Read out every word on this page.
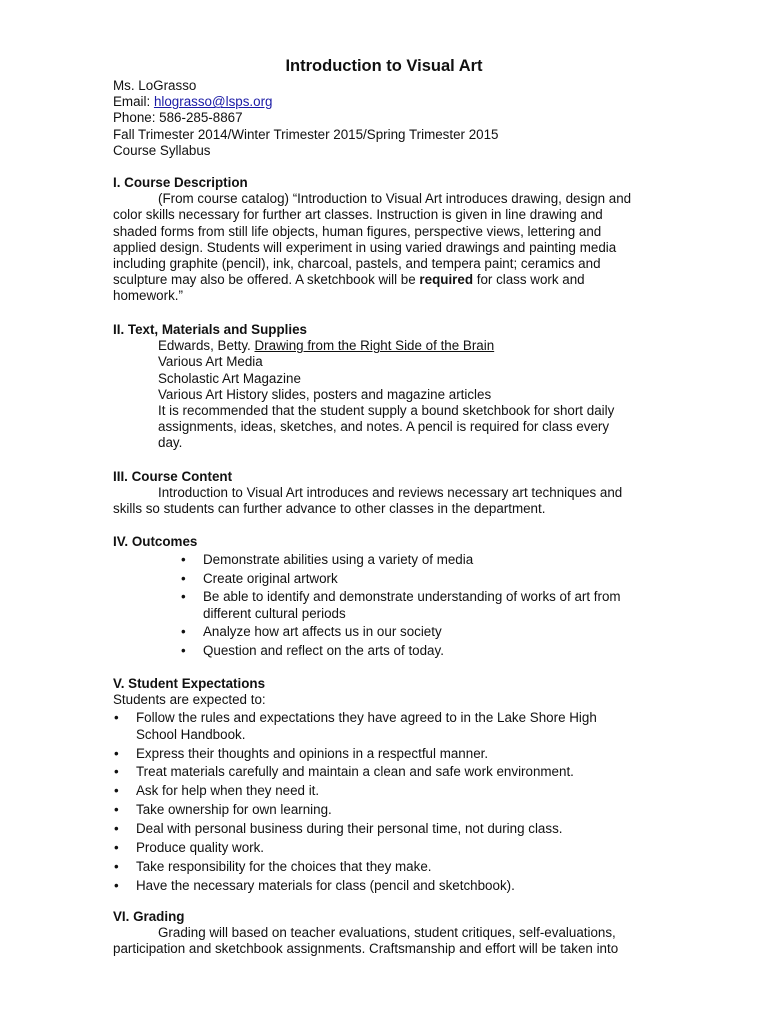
Introduction to Visual Art
Ms. LoGrasso
Email: hlograsso@lsps.org
Phone: 586-285-8867
Fall Trimester 2014/Winter Trimester 2015/Spring Trimester 2015
Course Syllabus
I. Course Description
(From course catalog) “Introduction to Visual Art introduces drawing, design and
color skills necessary for further art classes. Instruction is given in line drawing and
shaded forms from still life objects, human figures, perspective views, lettering and
applied design. Students will experiment in using varied drawings and painting media
including graphite (pencil), ink, charcoal, pastels, and tempera paint; ceramics and
sculpture may also be offered. A sketchbook will be required for class work and
homework.”
II. Text, Materials and Supplies
Edwards, Betty. Drawing from the Right Side of the Brain
Various Art Media
Scholastic Art Magazine
Various Art History slides, posters and magazine articles
It is recommended that the student supply a bound sketchbook for short daily
assignments, ideas, sketches, and notes. A pencil is required for class every
day.
III. Course Content
Introduction to Visual Art introduces and reviews necessary art techniques and
skills so students can further advance to other classes in the department.
IV. Outcomes
• Demonstrate abilities using a variety of media
• Create original artwork
• Be able to identify and demonstrate understanding of works of art from
different cultural periods
• Analyze how art affects us in our society
• Question and reflect on the arts of today.
V. Student Expectations
Students are expected to:
• Follow the rules and expectations they have agreed to in the Lake Shore High
School Handbook.
• Express their thoughts and opinions in a respectful manner.
• Treat materials carefully and maintain a clean and safe work environment.
• Ask for help when they need it.
• Take ownership for own learning.
• Deal with personal business during their personal time, not during class.
• Produce quality work.
• Take responsibility for the choices that they make.
• Have the necessary materials for class (pencil and sketchbook).
VI. Grading
Grading will based on teacher evaluations, student critiques, self-evaluations,
participation and sketchbook assignments. Craftsmanship and effort will be taken into
